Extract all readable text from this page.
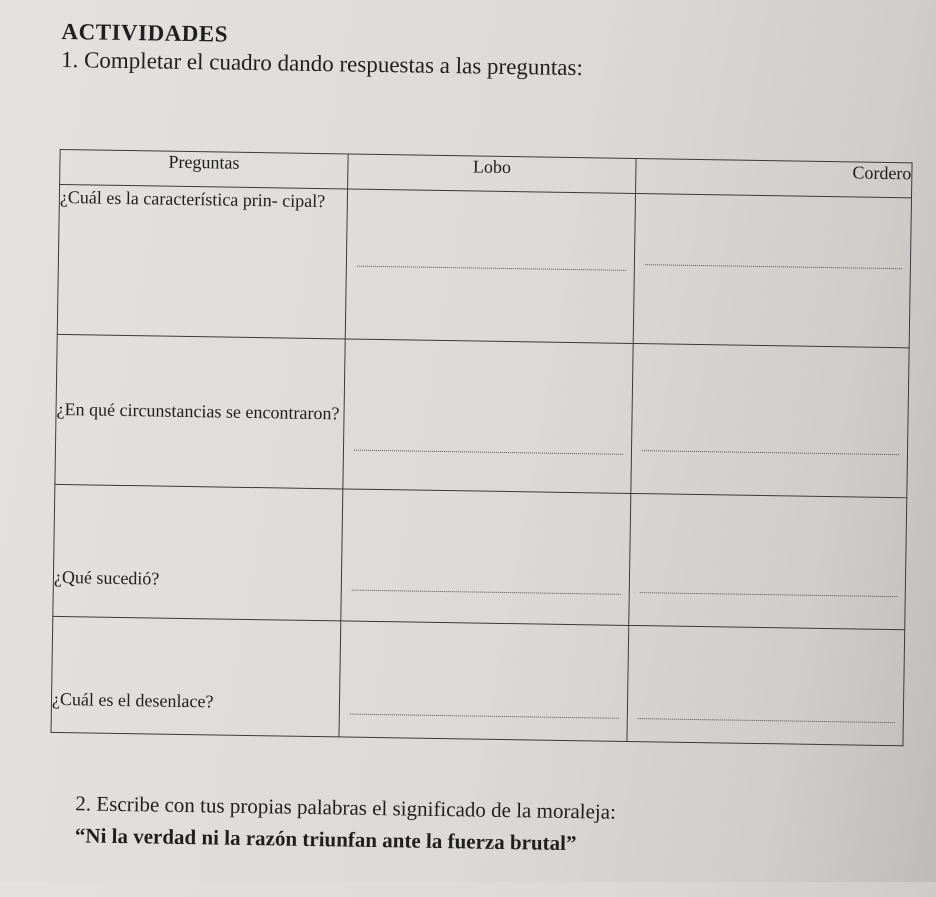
ACTIVIDADES
1. Completar el cuadro dando respuestas a las preguntas:
Preguntas	Lobo	Cordero
¿Cuál es la característica prin- cipal?	

¿En qué circunstancias se encontraron?	

¿Qué sucedió?	

¿Cuál es el desenlace?	

2. Escribe con tus propias palabras el significado de la moraleja:
“Ni la verdad ni la razón triunfan ante la fuerza brutal”
